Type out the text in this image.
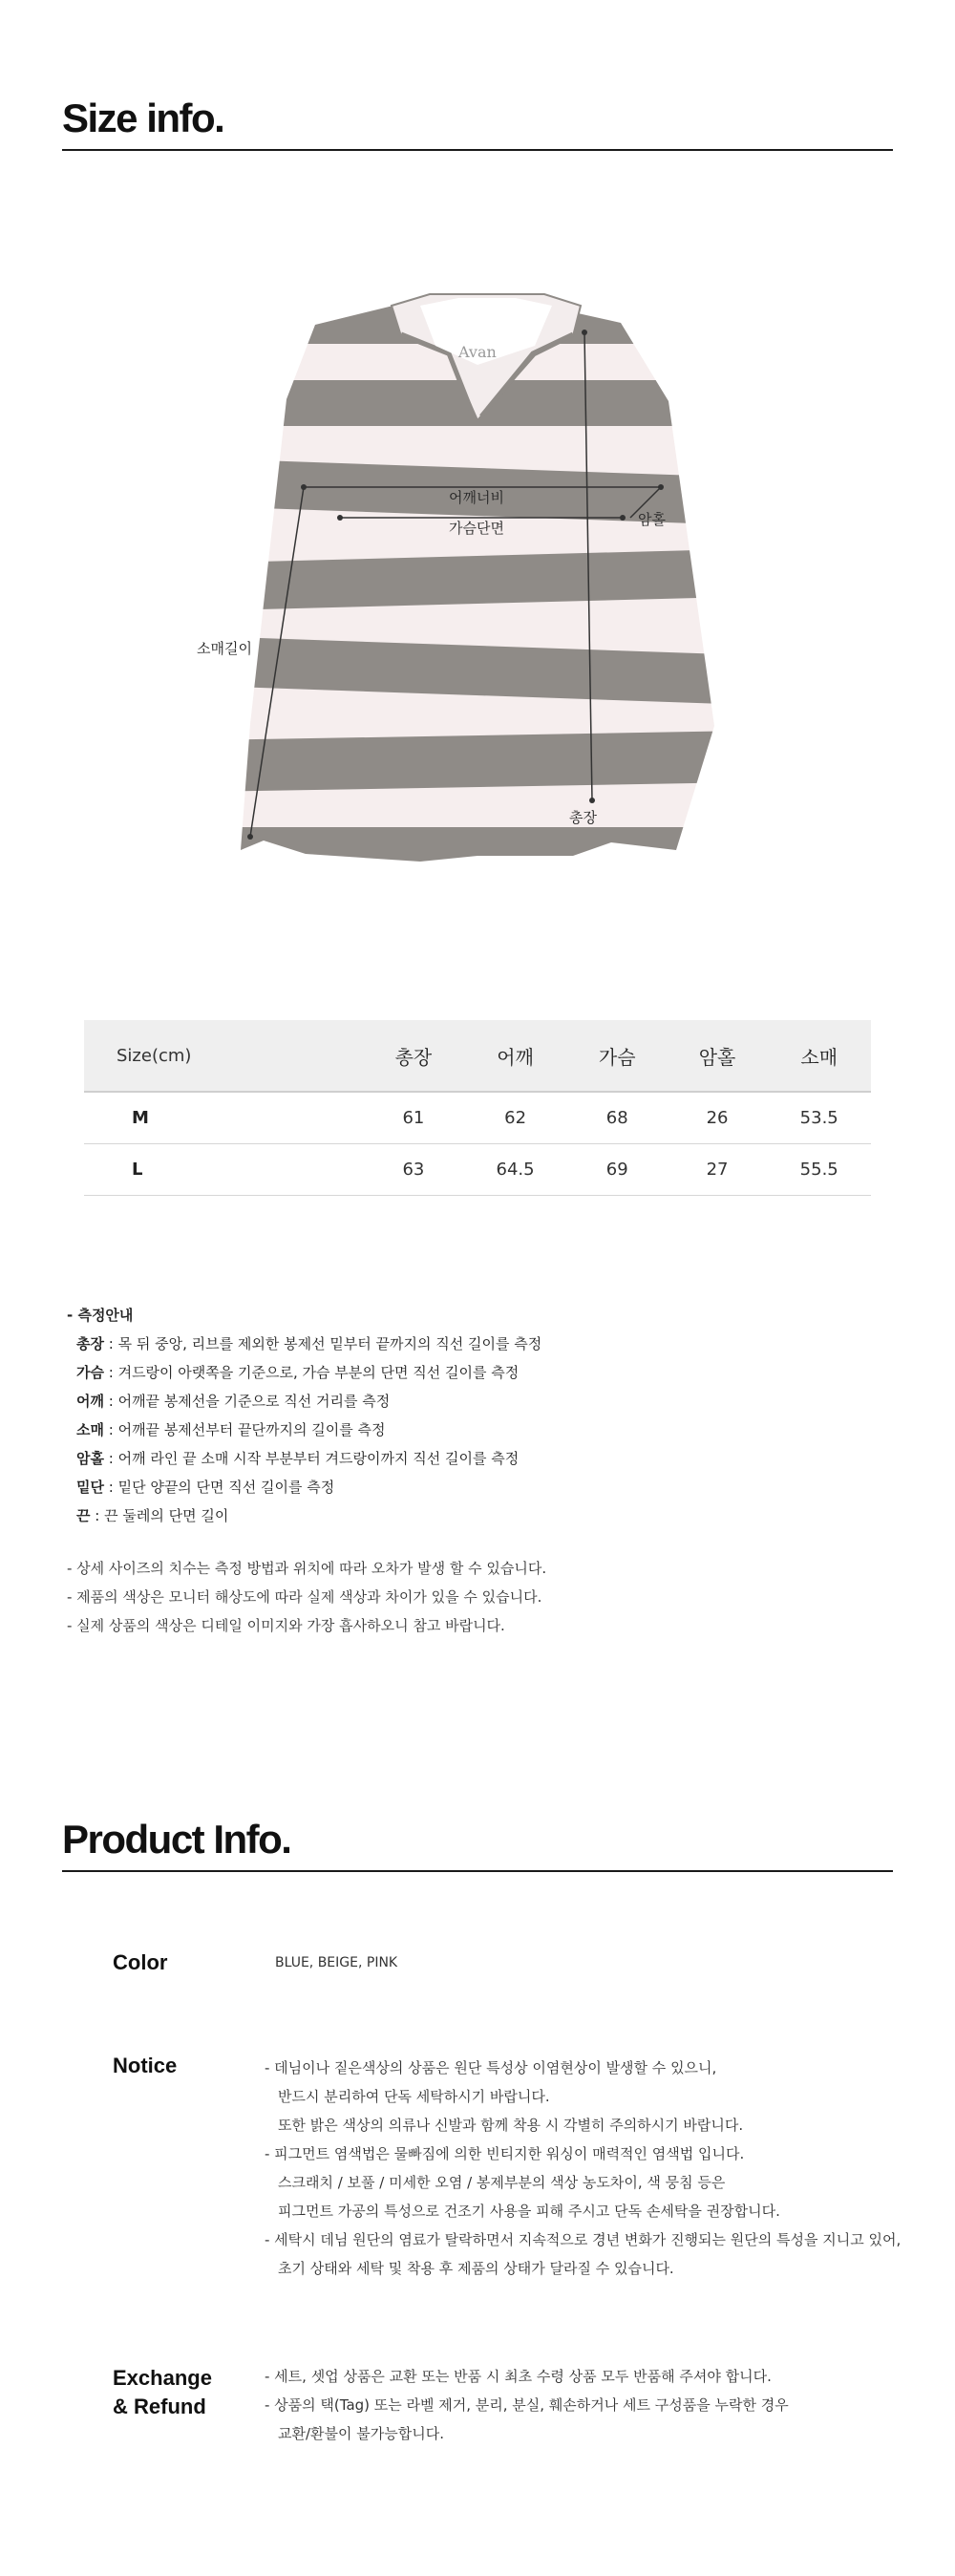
Size info.
Avan
어깨너비
가슴단면	암홀
소매길이
총장
Size(cm)	총장	어깨	가슴	암홀	소매
M	61	62	68	26	53.5
L	63	64.5	69	27	55.5
- 측정안내
총장 : 목 뒤 중앙, 리브를 제외한 봉제선 밑부터 끝까지의 직선 길이를 측정
가슴 : 겨드랑이 아랫쪽을 기준으로, 가슴 부분의 단면 직선 길이를 측정
어깨 : 어깨끝 봉제선을 기준으로 직선 거리를 측정
소매 : 어깨끝 봉제선부터 끝단까지의 길이를 측정
암홀 : 어깨 라인 끝 소매 시작 부분부터 겨드랑이까지 직선 길이를 측정
밑단 : 밑단 양끝의 단면 직선 길이를 측정
끈 : 끈 둘레의 단면 길이
- 상세 사이즈의 치수는 측정 방법과 위치에 따라 오차가 발생 할 수 있습니다.
- 제품의 색상은 모니터 해상도에 따라 실제 색상과 차이가 있을 수 있습니다.
- 실제 상품의 색상은 디테일 이미지와 가장 흡사하오니 참고 바랍니다.
Product Info.
Color	BLUE, BEIGE, PINK
Notice	- 데님이나 짙은색상의 상품은 원단 특성상 이염현상이 발생할 수 있으니,
반드시 분리하여 단독 세탁하시기 바랍니다.
또한 밝은 색상의 의류나 신발과 함께 착용 시 각별히 주의하시기 바랍니다.
- 피그먼트 염색법은 물빠짐에 의한 빈티지한 워싱이 매력적인 염색법 입니다.
스크래치 / 보풀 / 미세한 오염 / 봉제부분의 색상 농도차이, 색 뭉침 등은
피그먼트 가공의 특성으로 건조기 사용을 피해 주시고 단독 손세탁을 권장합니다.
- 세탁시 데님 원단의 염료가 탈락하면서 지속적으로 경년 변화가 진행되는 원단의 특성을 지니고 있어,
초기 상태와 세탁 및 착용 후 제품의 상태가 달라질 수 있습니다.
Exchange
& Refund
- 세트, 셋업 상품은 교환 또는 반품 시 최초 수령 상품 모두 반품해 주셔야 합니다.
- 상품의 택(Tag) 또는 라벨 제거, 분리, 분실, 훼손하거나 세트 구성품을 누락한 경우
교환/환불이 불가능합니다.
